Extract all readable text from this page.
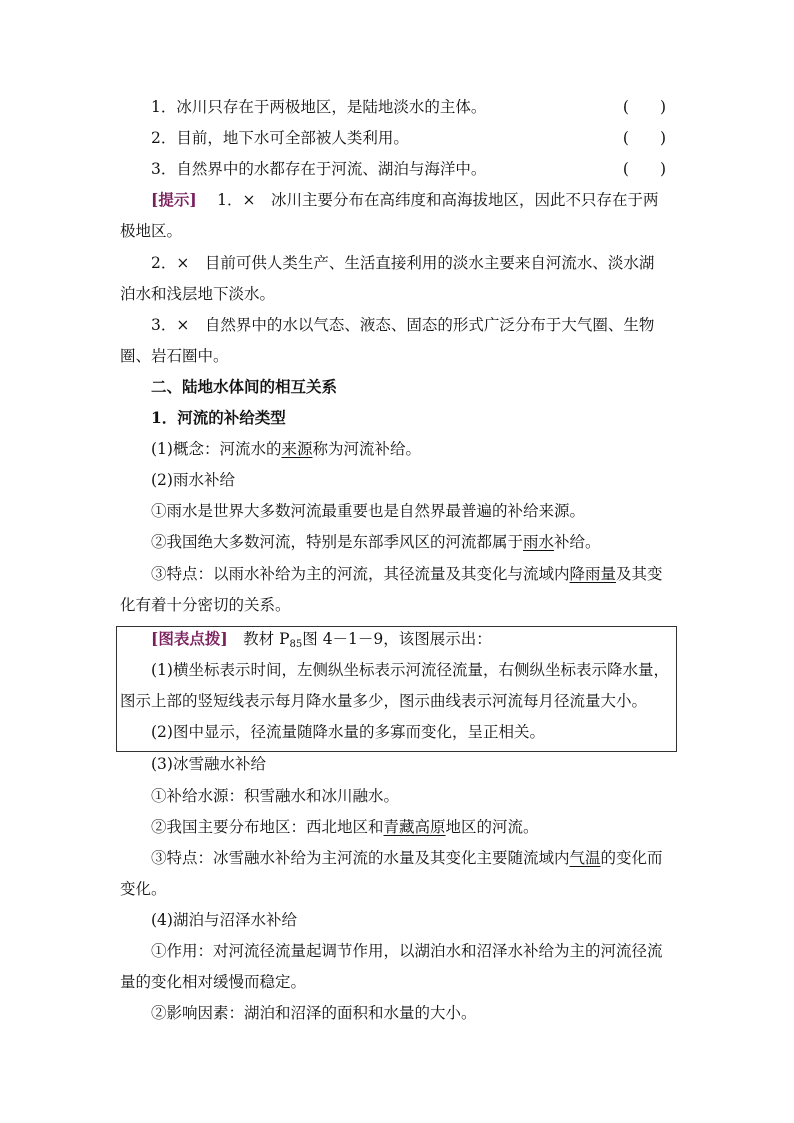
1．冰川只存在于两极地区，是陆地淡水的主体。	(　　)
2．目前，地下水可全部被人类利用。	(　　)
3．自然界中的水都存在于河流、湖泊与海洋中。	(　　)
[提示] 　 1．×　冰川主要分布在高纬度和高海拔地区，因此不只存在于两
极地区。
2．×　目前可供人类生产、生活直接利用的淡水主要来自河流水、淡水湖
泊水和浅层地下淡水。
3．×　自然界中的水以气态、液态、固态的形式广泛分布于大气圈、生物
圈、岩石圈中。
二、陆地水体间的相互关系
1．河流的补给类型
(1)概念：河流水的来源称为河流补给。
(2)雨水补给
①雨水是世界大多数河流最重要也是自然界最普遍的补给来源。
②我国绝大多数河流，特别是东部季风区的河流都属于雨水补给。
③特点：以雨水补给为主的河流，其径流量及其变化与流域内降雨量及其变
化有着十分密切的关系。
[图表点拨]　教材 $P_{85}$图 4－1－9，该图展示出：
(1)横坐标表示时间，左侧纵坐标表示河流径流量，右侧纵坐标表示降水量，
图示上部的竖短线表示每月降水量多少，图示曲线表示河流每月径流量大小。
(2)图中显示，径流量随降水量的多寡而变化，呈正相关。
(3)冰雪融水补给
①补给水源：积雪融水和冰川融水。
②我国主要分布地区：西北地区和青藏高原地区的河流。
③特点：冰雪融水补给为主河流的水量及其变化主要随流域内气温的变化而
变化。
(4)湖泊与沼泽水补给
①作用：对河流径流量起调节作用，以湖泊水和沼泽水补给为主的河流径流
量的变化相对缓慢而稳定。
②影响因素：湖泊和沼泽的面积和水量的大小。
